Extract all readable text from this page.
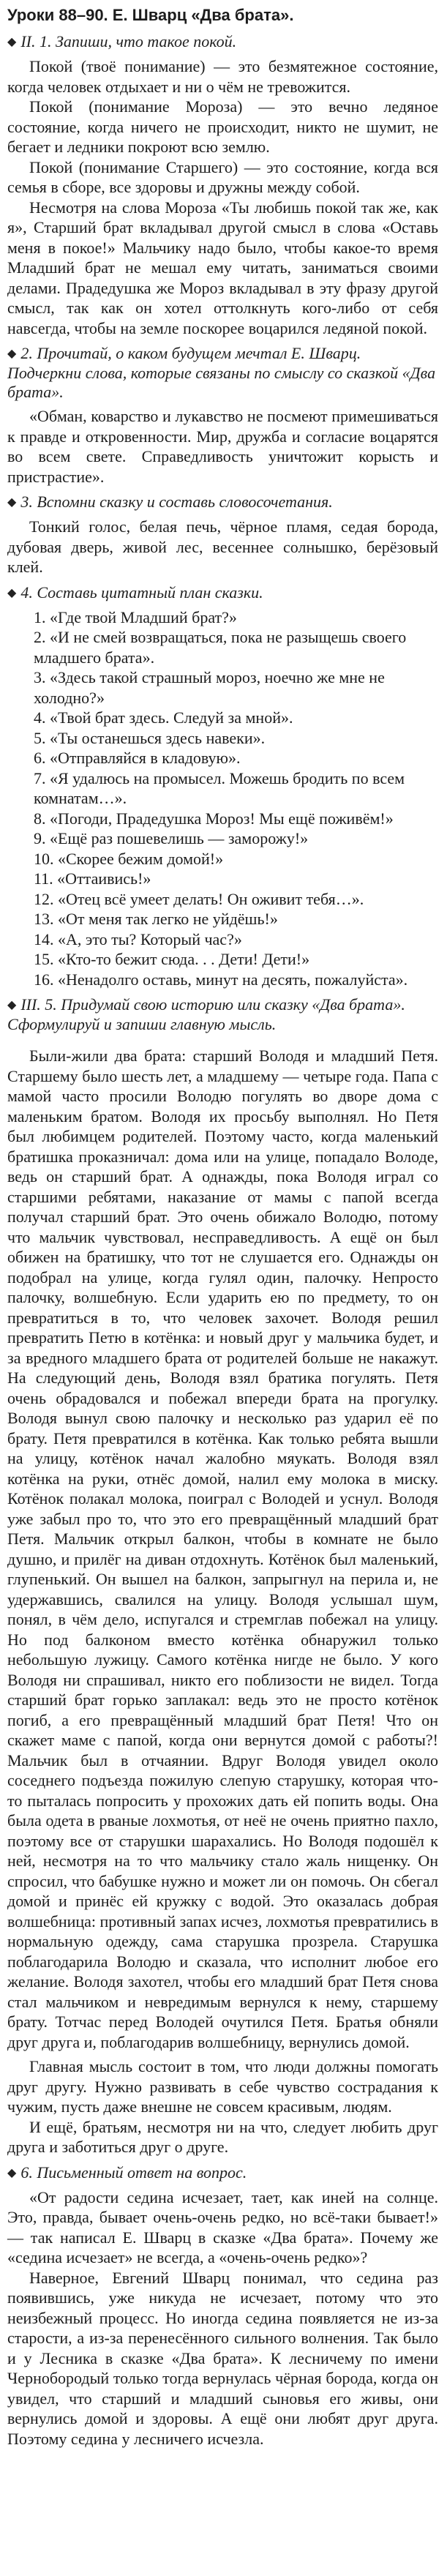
Уроки 88–90. Е. Шварц «Два брата».
◆ II. 1. Запиши, что такое покой.

Покой (твоё понимание) — это безмятежное состояние, когда человек отдыхает и ни о чём не тревожится.

Покой (понимание Мороза) — это вечно ледяное состояние, когда ничего не происходит, никто не шумит, не бегает и ледники покроют всю землю.

Покой (понимание Старшего) — это состояние, когда вся семья в сборе, все здоровы и дружны между собой.

Несмотря на слова Мороза «Ты любишь покой так же, как я», Старший брат вкладывал другой смысл в слова «Оставь меня в покое!» Мальчику надо было, чтобы какое-то время Младший брат не мешал ему читать, заниматься своими делами. Прадедушка же Мороз вкладывал в эту фразу другой смысл, так как он хотел оттолкнуть кого-либо от себя навсегда, чтобы на земле поскорее воцарился ледяной покой.

◆ 2. Прочитай, о каком будущем мечтал Е. Шварц. Подчеркни слова, которые связаны по смыслу со сказкой «Два брата».

«Обман, коварство и лукавство не посмеют примешиваться к правде и откровенности. Мир, дружба и согласие воцарятся во всем свете. Справедливость уничтожит корысть и пристрастие».

◆ 3. Вспомни сказку и составь словосочетания.

Тонкий голос, белая печь, чёрное пламя, седая борода, дубовая дверь, живой лес, весеннее солнышко, берёзовый клей.

◆ 4. Составь цитатный план сказки.
1. «Где твой Младший брат?»
2. «И не смей возвращаться, пока не разыщешь своего младшего брата».
3. «Здесь такой страшный мороз, ноечно же мне не холодно?»
4. «Твой брат здесь. Следуй за мной».
5. «Ты останешься здесь навеки».
6. «Отправляйся в кладовую».
7. «Я удалюсь на промысел. Можешь бродить по всем комнатам…».
8. «Погоди, Прадедушка Мороз! Мы ещё поживём!»
9. «Ещё раз пошевелишь — заморожу!»
10. «Скорее бежим домой!»
11. «Оттаивись!»
12. «Отец всё умеет делать! Он оживит тебя…».
13. «От меня так легко не уйдёшь!»
14. «А, это ты? Который час?»
15. «Кто-то бежит сюда. . . Дети! Дети!»
16. «Ненадолго оставь, минут на десять, пожалуйста».
◆ III. 5. Придумай свою историю или сказку «Два брата». Сформулируй и запиши главную мысль.

Были-жили два брата: старший Володя и младший Петя. Старшему было шесть лет, а младшему — четыре года. Папа с мамой часто просили Володю погулять во дворе дома с маленьким братом. Володя их просьбу выполнял. Но Петя был любимцем родителей. Поэтому часто, когда маленький братишка проказничал: дома или на улице, попадало Володе, ведь он старший брат. А однажды, пока Володя играл со старшими ребятами, наказание от мамы с папой всегда получал старший брат. Это очень обижало Володю, потому что мальчик чувствовал, несправедливость. А ещё он был обижен на братишку, что тот не слушается его. Однажды он подобрал на улице, когда гулял один, палочку. Непросто палочку, волшебную. Если ударить ею по предмету, то он превратиться в то, что человек захочет. Володя решил превратить Петю в котёнка: и новый друг у мальчика будет, и за вредного младшего брата от родителей больше не накажут. На следующий день, Володя взял братика погулять. Петя очень обрадовался и побежал впереди брата на прогулку. Володя вынул свою палочку и несколько раз ударил её по брату. Петя превратился в котёнка. Как только ребята вышли на улицу, котёнок начал жалобно мяукать. Володя взял котёнка на руки, отнёс домой, налил ему молока в миску. Котёнок полакал молока, поиграл с Володей и уснул. Володя уже забыл про то, что это его превращённый младший брат Петя. Мальчик открыл балкон, чтобы в комнате не было душно, и прилёг на диван отдохнуть. Котёнок был маленький, глупенький. Он вышел на балкон, запрыгнул на перила и, не удержавшись, свалился на улицу. Володя услышал шум, понял, в чём дело, испугался и стремглав побежал на улицу. Но под балконом вместо котёнка обнаружил только небольшую лужицу. Самого котёнка нигде не было. У кого Володя ни спрашивал, никто его поблизости не видел. Тогда старший брат горько заплакал: ведь это не просто котёнок погиб, а его превращённый младший брат Петя! Что он скажет маме с папой, когда они вернутся домой с работы?! Мальчик был в отчаянии. Вдруг Володя увидел около соседнего подъезда пожилую слепую старушку, которая что-то пыталась попросить у прохожих дать ей попить воды. Она была одета в рваные лохмотья, от неё не очень приятно пахло, поэтому все от старушки шарахались. Но Володя подошёл к ней, несмотря на то что мальчику стало жаль нищенку. Он спросил, что бабушке нужно и может ли он помочь. Он сбегал домой и принёс ей кружку с водой. Это оказалась добрая волшебница: противный запах исчез, лохмотья превратились в нормальную одежду, сама старушка прозрела. Старушка поблагодарила Володю и сказала, что исполнит любое его желание. Володя захотел, чтобы его младший брат Петя снова стал мальчиком и невредимым вернулся к нему, старшему брату. Тотчас перед Володей очутился Петя. Братья обняли друг друга и, поблагодарив волшебницу, вернулись домой.

Главная мысль состоит в том, что люди должны помогать друг другу. Нужно развивать в себе чувство сострадания к чужим, пусть даже внешне не совсем красивым, людям.

И ещё, братьям, несмотря ни на что, следует любить друг друга и заботиться друг о друге.

◆ 6. Письменный ответ на вопрос.

«От радости седина исчезает, тает, как иней на солнце. Это, правда, бывает очень-очень редко, но всё-таки бывает!» — так написал Е. Шварц в сказке «Два брата». Почему же «седина исчезает» не всегда, а «очень-очень редко»?

Наверное, Евгений Шварц понимал, что седина раз появившись, уже никуда не исчезает, потому что это неизбежный процесс. Но иногда седина появляется не из-за старости, а из-за перенесённого сильного волнения. Так было и у Лесника в сказке «Два брата». К лесничему по имени Чернобородый только тогда вернулась чёрная борода, когда он увидел, что старший и младший сыновья его живы, они вернулись домой и здоровы. А ещё они любят друг друга. Поэтому седина у лесничего исчезла.
